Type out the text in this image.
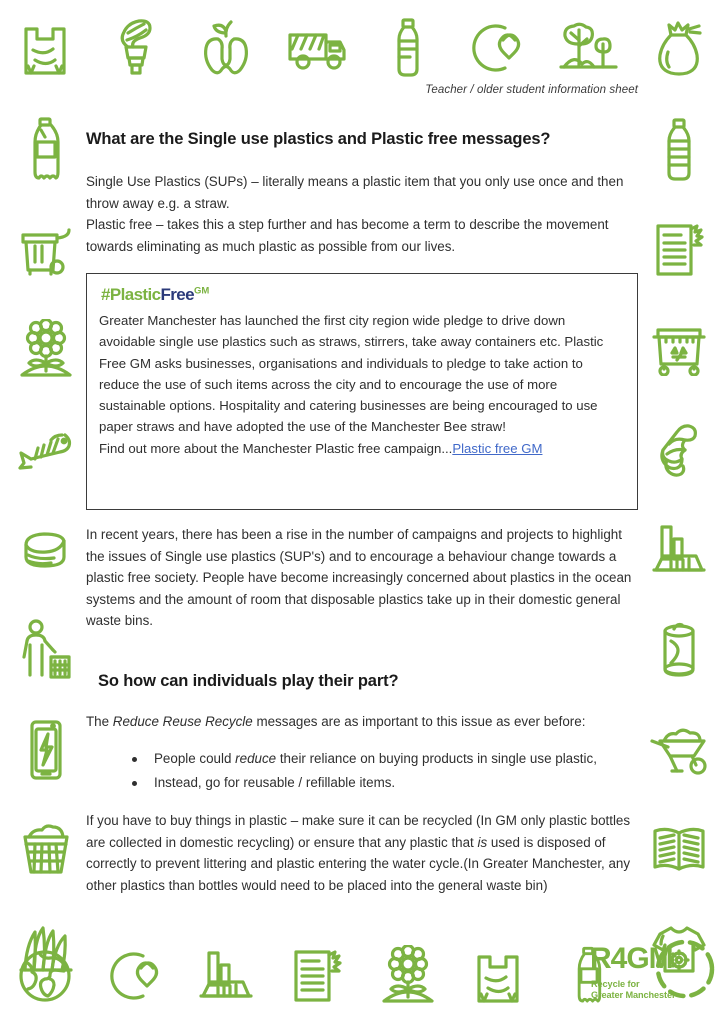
R4GM
Recycle for
Greater Manchester
Teacher / older student information sheet
What are the Single use plastics and Plastic free messages?

Single Use Plastics (SUPs) – literally means a plastic item that you only use once and then throw away e.g. a straw.
Plastic free – takes this a step further and has become a term to describe the movement towards eliminating as much plastic as possible from our lives.

#PlasticFree$^{GM}$

Greater Manchester has launched the first city region wide pledge to drive down avoidable single use plastics such as straws, stirrers, take away containers etc. Plastic Free GM asks businesses, organisations and individuals to pledge to take action to reduce the use of such items across the city and to encourage the use of more sustainable options. Hospitality and catering businesses are being encouraged to use paper straws and have adopted the use of the Manchester Bee straw!

Find out more about the Manchester Plastic free campaign...Plastic free GM

In recent years, there has been a rise in the number of campaigns and projects to highlight the issues of Single use plastics (SUP's) and to encourage a behaviour change towards a plastic free society. People have become increasingly concerned about plastics in the ocean systems and the amount of room that disposable plastics take up in their domestic general waste bins.

So how can individuals play their part?

The Reduce Reuse Recycle messages are as important to this issue as ever before:

People could reduce their reliance on buying products in single use plastic,
Instead, go for reusable / refillable items.

If you have to buy things in plastic – make sure it can be recycled (In GM only plastic bottles are collected in domestic recycling) or ensure that any plastic that is used is disposed of correctly to prevent littering and plastic entering the water cycle.(In Greater Manchester, any other plastics than bottles would need to be placed into the general waste bin)
